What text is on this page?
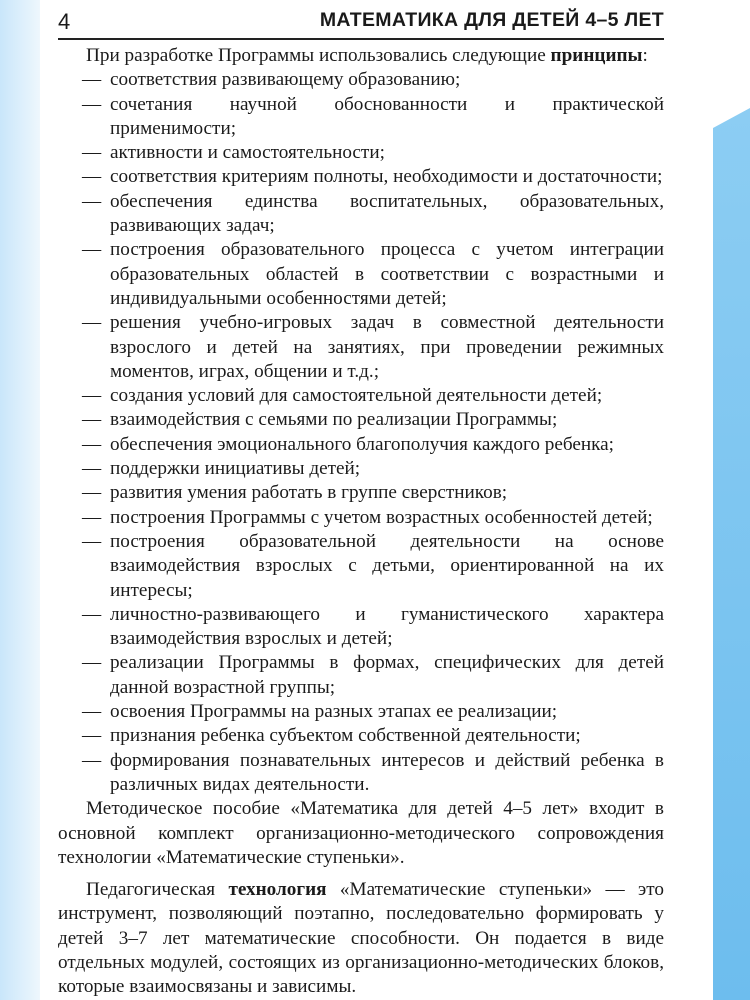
4	МАТЕМАТИКА ДЛЯ ДЕТЕЙ 4–5 ЛЕТ

При разработке Программы использовались следующие принципы:

— соответствия развивающему образованию;
— сочетания научной обоснованности и практической применимости;
— активности и самостоятельности;
— соответствия критериям полноты, необходимости и достаточности;
— обеспечения единства воспитательных, образовательных, развивающих задач;
— построения образовательного процесса с учетом интеграции образовательных областей в соответствии с возрастными и индивидуальными особенностями детей;
— решения учебно-игровых задач в совместной деятельности взрослого и детей на занятиях, при проведении режимных моментов, играх, общении и т.д.;
— создания условий для самостоятельной деятельности детей;
— взаимодействия с семьями по реализации Программы;
— обеспечения эмоционального благополучия каждого ребенка;
— поддержки инициативы детей;
— развития умения работать в группе сверстников;
— построения Программы с учетом возрастных особенностей детей;
— построения образовательной деятельности на основе взаимодействия взрослых с детьми, ориентированной на их интересы;
— личностно-развивающего и гуманистического характера взаимодействия взрослых и детей;
— реализации Программы в формах, специфических для детей данной возрастной группы;
— освоения Программы на разных этапах ее реализации;
— признания ребенка субъектом собственной деятельности;
— формирования познавательных интересов и действий ребенка в различных видах деятельности.

Методическое пособие «Математика для детей 4–5 лет» входит в основной комплект организационно-методического сопровождения технологии «Математические ступеньки».

Педагогическая технология «Математические ступеньки» — это инструмент, позволяющий поэтапно, последовательно формировать у детей 3–7 лет математические способности. Он подается в виде отдельных модулей, состоящих из организационно-методических блоков, которые взаимосвязаны и зависимы.
